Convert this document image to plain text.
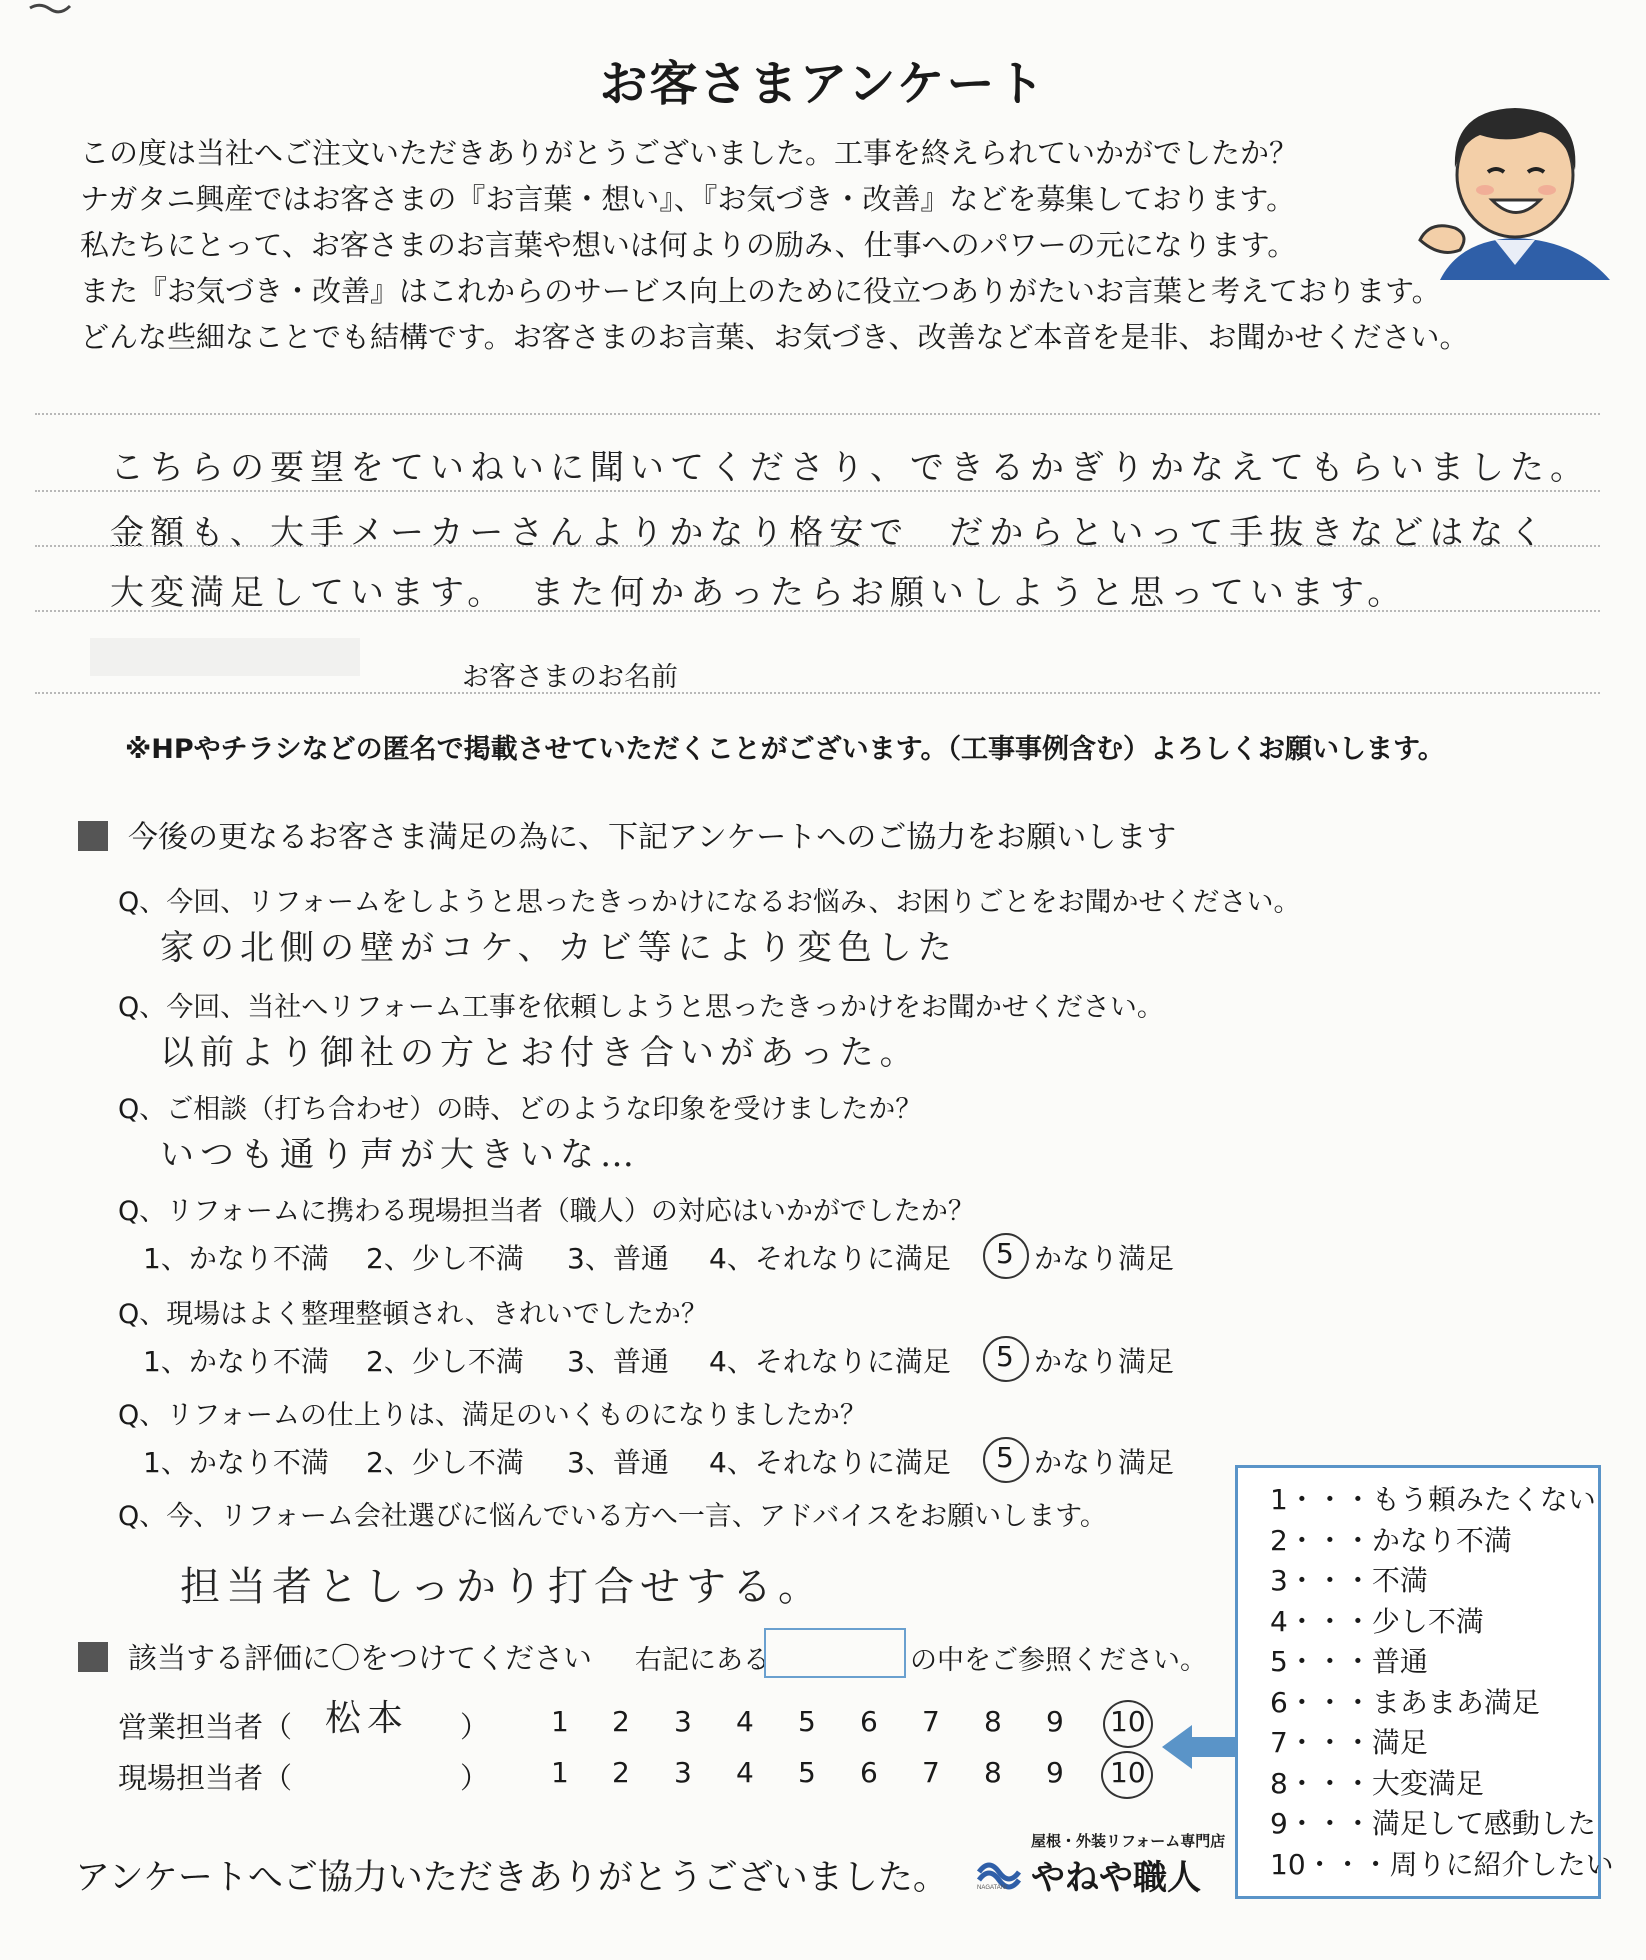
お客さまアンケート
この度は当社へご注文いただきありがとうございました。工事を終えられていかがでしたか？
ナガタニ興産ではお客さまの『お言葉・想い』、『お気づき・改善』などを募集しております。
私たちにとって、お客さまのお言葉や想いは何よりの励み、仕事へのパワーの元になります。
また『お気づき・改善』はこれからのサービス向上のために役立つありがたいお言葉と考えております。
どんな些細なことでも結構です。お客さまのお言葉、お気づき、改善など本音を是非、お聞かせください。
こちらの要望をていねいに聞いてくださり、できるかぎりかなえてもらいました。
金額も、大手メーカーさんよりかなり格安で　だからといって手抜きなどはなく
大変満足しています。　また何かあったらお願いしようと思っています。
お客さまのお名前
※HPやチラシなどの匿名で掲載させていただくことがございます。（工事事例含む）よろしくお願いします。
今後の更なるお客さま満足の為に、下記アンケートへのご協力をお願いします
Q、今回、リフォームをしようと思ったきっかけになるお悩み、お困りごとをお聞かせください。
家の北側の壁がコケ、カビ等により変色した
Q、今回、当社へリフォーム工事を依頼しようと思ったきっかけをお聞かせください。
以前より御社の方とお付き合いがあった。
Q、ご相談（打ち合わせ）の時、どのような印象を受けましたか？
いつも通り声が大きいな…
Q、リフォームに携わる現場担当者（職人）の対応はいかがでしたか？
1、かなり不満 2、少し不満 3、普通 4、それなりに満足 5 かなり満足
Q、現場はよく整理整頓され、きれいでしたか？
1、かなり不満 2、少し不満 3、普通 4、それなりに満足 5 かなり満足
Q、リフォームの仕上りは、満足のいくものになりましたか？
1、かなり不満 2、少し不満 3、普通 4、それなりに満足 5 かなり満足
Q、今、リフォーム会社選びに悩んでいる方へ一言、アドバイスをお願いします。
担当者としっかり打合せする。
該当する評価に〇をつけてください 右記にある	の中をご参照ください。
営業担当者（ 松本 ） 1 2 3 4 5 6 7 8 9 10
現場担当者（	） 1 2 3 4 5 6 7 8 9 10
1・・・もう頼みたくない
2・・・かなり不満
3・・・不満
4・・・少し不満
5・・・普通
6・・・まあまあ満足
7・・・満足
8・・・大変満足
9・・・満足して感動した
10・・・周りに紹介したい
アンケートへご協力いただきありがとうございました。
屋根・外装リフォーム専門店
NAGATANI やねや職人
